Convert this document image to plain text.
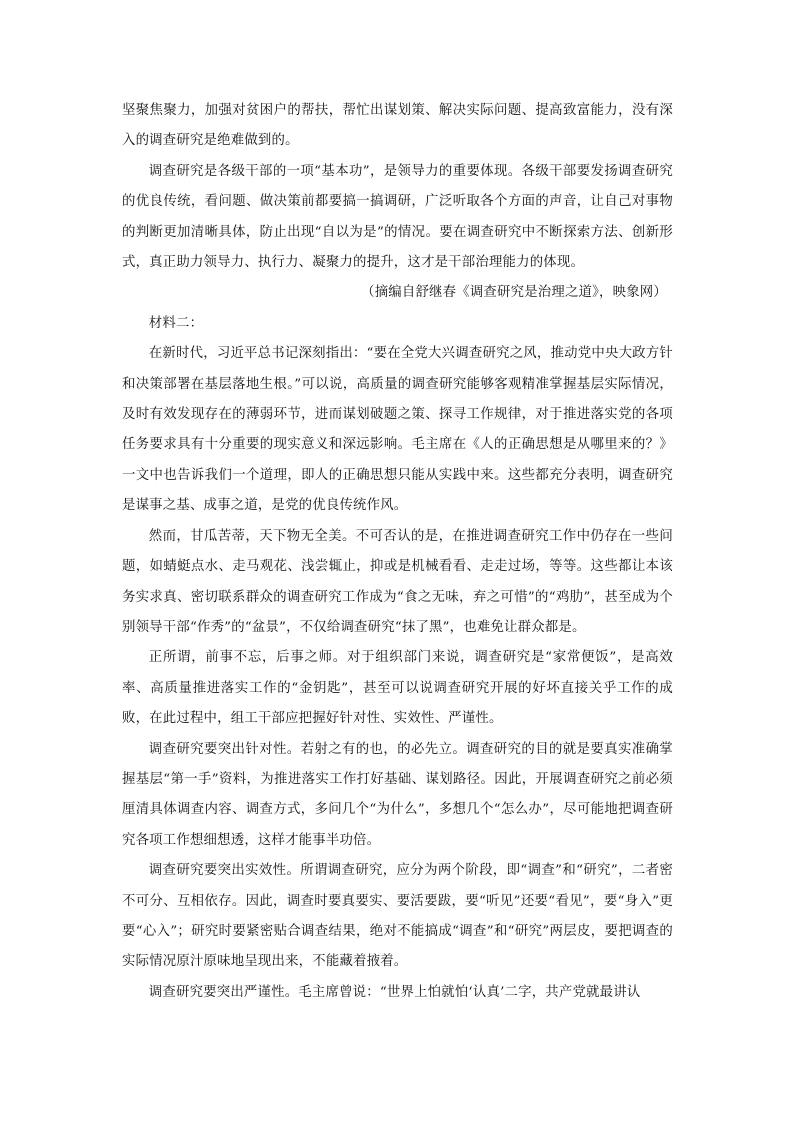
坚聚焦聚力，加强对贫困户的帮扶，帮忙出谋划策、解决实际问题、提高致富能力，没有深入的调查研究是绝难做到的。

调查研究是各级干部的一项“基本功”，是领导力的重要体现。各级干部要发扬调查研究的优良传统，看问题、做决策前都要搞一搞调研，广泛听取各个方面的声音，让自己对事物的判断更加清晰具体，防止出现“自以为是”的情况。要在调查研究中不断探索方法、创新形式，真正助力领导力、执行力、凝聚力的提升，这才是干部治理能力的体现。

（摘编自舒继春《调查研究是治理之道》，映象网）

材料二：

在新时代，习近平总书记深刻指出：“要在全党大兴调查研究之风，推动党中央大政方针和决策部署在基层落地生根。”可以说，高质量的调查研究能够客观精准掌握基层实际情况，及时有效发现存在的薄弱环节，进而谋划破题之策、探寻工作规律，对于推进落实党的各项任务要求具有十分重要的现实意义和深远影响。毛主席在《人的正确思想是从哪里来的？》一文中也告诉我们一个道理，即人的正确思想只能从实践中来。这些都充分表明，调查研究是谋事之基、成事之道，是党的优良传统作风。

然而，甘瓜苦蒂，天下物无全美。不可否认的是，在推进调查研究工作中仍存在一些问题，如蜻蜓点水、走马观花、浅尝辄止，抑或是机械看看、走走过场，等等。这些都让本该务实求真、密切联系群众的调查研究工作成为“食之无味，弃之可惜”的“鸡肋”，甚至成为个别领导干部“作秀”的“盆景”，不仅给调查研究“抹了黑”，也难免让群众都是。

正所谓，前事不忘，后事之师。对于组织部门来说，调查研究是“家常便饭”，是高效率、高质量推进落实工作的“金钥匙”，甚至可以说调查研究开展的好坏直接关乎工作的成败，在此过程中，组工干部应把握好针对性、实效性、严谨性。

调查研究要突出针对性。若射之有的也，的必先立。调查研究的目的就是要真实准确掌握基层“第一手”资料，为推进落实工作打好基础、谋划路径。因此，开展调查研究之前必须厘清具体调查内容、调查方式，多问几个“为什么”，多想几个“怎么办”，尽可能地把调查研究各项工作想细想透，这样才能事半功倍。

调查研究要突出实效性。所谓调查研究，应分为两个阶段，即“调查”和“研究”，二者密不可分、互相依存。因此，调查时要真要实、要活要跋，要“听见”还要“看见”，要“身入”更要“心入”；研究时要紧密贴合调查结果，绝对不能搞成“调查”和“研究”两层皮，要把调查的实际情况原汁原味地呈现出来，不能藏着掖着。

调查研究要突出严谨性。毛主席曾说：“世界上怕就怕‘认真’二字，共产党就最讲认
